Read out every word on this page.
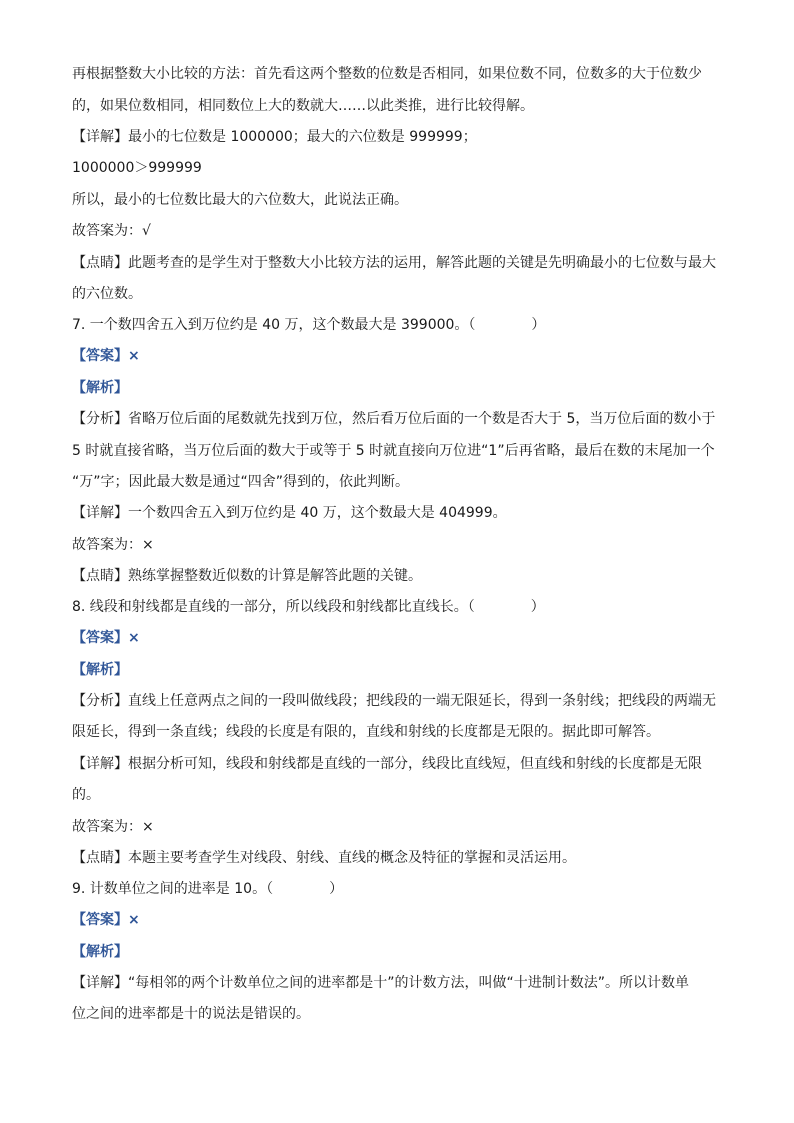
再根据整数大小比较的方法：首先看这两个整数的位数是否相同，如果位数不同，位数多的大于位数少
的，如果位数相同，相同数位上大的数就大……以此类推，进行比较得解。
【详解】最小的七位数是 1000000；最大的六位数是 999999；
1000000＞999999
所以，最小的七位数比最大的六位数大，此说法正确。
故答案为：√
【点睛】此题考查的是学生对于整数大小比较方法的运用，解答此题的关键是先明确最小的七位数与最大
的六位数。
7. 一个数四舍五入到万位约是 40 万，这个数最大是 399000。（　　　　）
【答案】×
【解析】
【分析】省略万位后面的尾数就先找到万位，然后看万位后面的一个数是否大于 5，当万位后面的数小于
5 时就直接省略，当万位后面的数大于或等于 5 时就直接向万位进“1”后再省略，最后在数的末尾加一个
“万”字；因此最大数是通过“四舍”得到的，依此判断。
【详解】一个数四舍五入到万位约是 40 万，这个数最大是 404999。
故答案为：×
【点睛】熟练掌握整数近似数的计算是解答此题的关键。
8. 线段和射线都是直线的一部分，所以线段和射线都比直线长。（　　　　）
【答案】×
【解析】
【分析】直线上任意两点之间的一段叫做线段；把线段的一端无限延长，得到一条射线；把线段的两端无
限延长，得到一条直线；线段的长度是有限的，直线和射线的长度都是无限的。据此即可解答。
【详解】根据分析可知，线段和射线都是直线的一部分，线段比直线短，但直线和射线的长度都是无限
的。
故答案为：×
【点睛】本题主要考查学生对线段、射线、直线的概念及特征的掌握和灵活运用。
9. 计数单位之间的进率是 10。（　　　　）
【答案】×
【解析】
【详解】“每相邻的两个计数单位之间的进率都是十”的计数方法，叫做“十进制计数法”。所以计数单
位之间的进率都是十的说法是错误的。
